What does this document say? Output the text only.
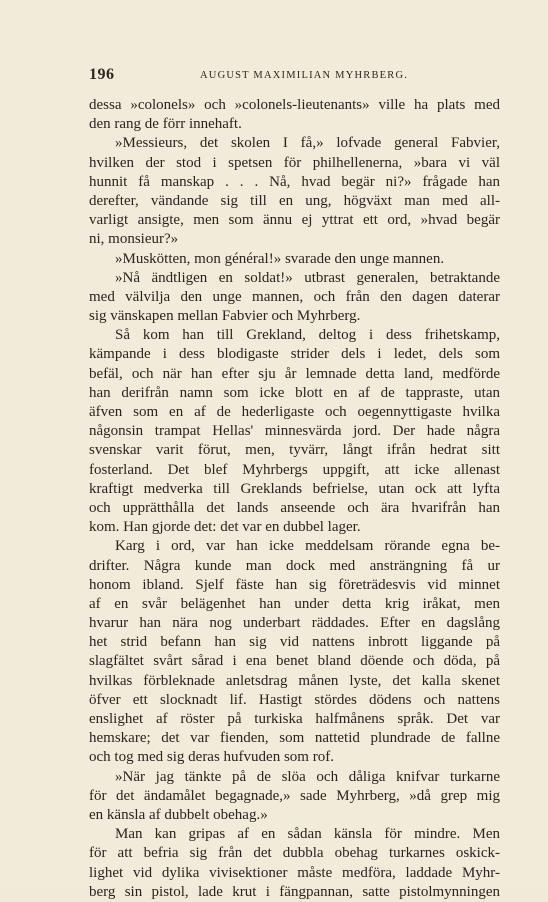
196	AUGUST MAXIMILIAN MYHRBERG.
dessa »colonels» och »colonels-lieutenants» ville ha plats med
den rang de förr innehaft.
»Messieurs, det skolen I få,» lofvade general Fabvier,
hvilken der stod i spetsen för philhellenerna, »bara vi väl
hunnit få manskap . . . Nå, hvad begär ni?» frågade han
derefter, vändande sig till en ung, högväxt man med all-
varligt ansigte, men som ännu ej yttrat ett ord, »hvad begär
ni, monsieur?»
»Muskötten, mon général!» svarade den unge mannen.
»Nå ändtligen en soldat!» utbrast generalen, betraktande
med välvilja den unge mannen, och från den dagen daterar
sig vänskapen mellan Fabvier och Myhrberg.
Så kom han till Grekland, deltog i dess frihetskamp,
kämpande i dess blodigaste strider dels i ledet, dels som
befäl, och när han efter sju år lemnade detta land, medförde
han derifrån namn som icke blott en af de tappraste, utan
äfven som en af de hederligaste och oegennyttigaste hvilka
någonsin trampat Hellas' minnesvärda jord. Der hade några
svenskar varit förut, men, tyvärr, långt ifrån hedrat sitt
fosterland. Det blef Myhrbergs uppgift, att icke allenast
kraftigt medverka till Greklands befrielse, utan ock att lyfta
och upprätthålla det lands anseende och ära hvarifrån han
kom. Han gjorde det: det var en dubbel lager.
Karg i ord, var han icke meddelsam rörande egna be-
drifter. Några kunde man dock med ansträngning få ur
honom ibland. Sjelf fäste han sig företrädesvis vid minnet
af en svår belägenhet han under detta krig iråkat, men
hvarur han nära nog underbart räddades. Efter en dagslång
het strid befann han sig vid nattens inbrott liggande på
slagfältet svårt sårad i ena benet bland döende och döda, på
hvilkas förbleknade anletsdrag månen lyste, det kalla skenet
öfver ett slocknadt lif. Hastigt stördes dödens och nattens
enslighet af röster på turkiska halfmånens språk. Det var
hemskare; det var fienden, som nattetid plundrade de fallne
och tog med sig deras hufvuden som rof.
»När jag tänkte på de slöa och dåliga knifvar turkarne
för det ändamålet begagnade,» sade Myhrberg, »då grep mig
en känsla af dubbelt obehag.»
Man kan gripas af en sådan känsla för mindre. Men
för att befria sig från det dubbla obehag turkarnes oskick-
lighet vid dylika vivisektioner måste medföra, laddade Myhr-
berg sin pistol, lade krut i fängpannan, satte pistolmynningen
